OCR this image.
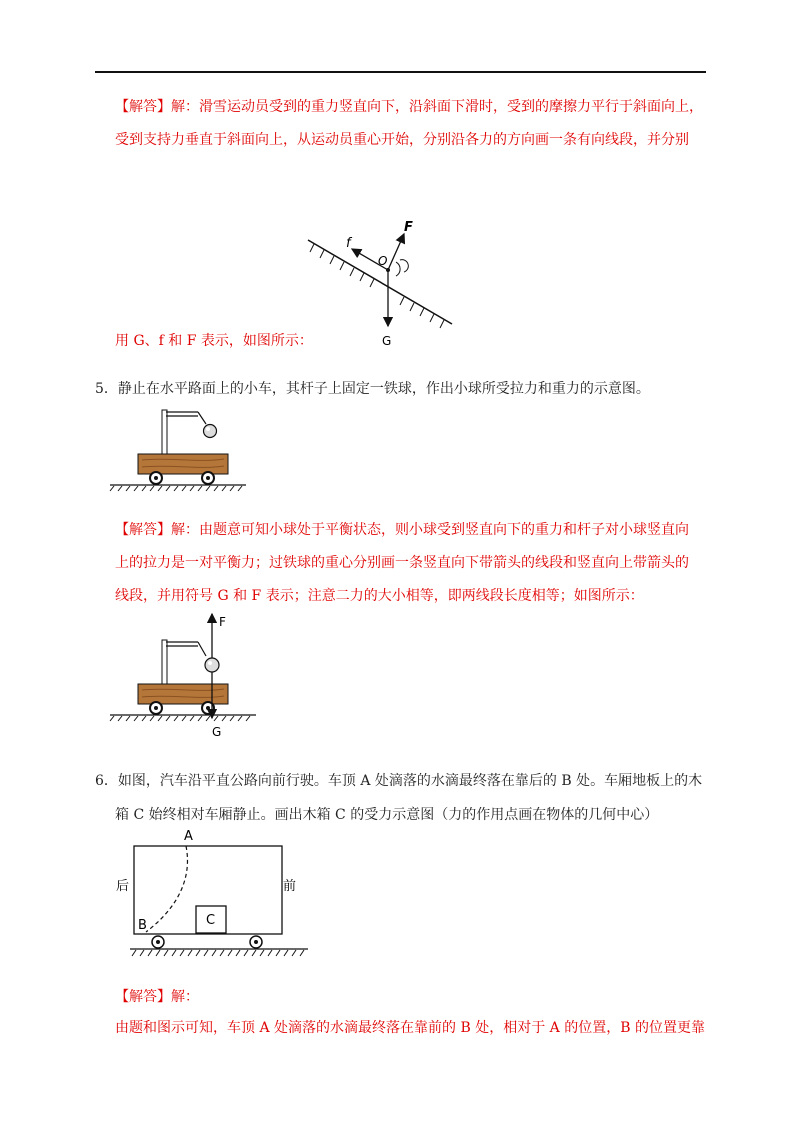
【解答】解：滑雪运动员受到的重力竖直向下，沿斜面下滑时，受到的摩擦力平行于斜面向上，
受到支持力垂直于斜面向上，从运动员重心开始，分别沿各力的方向画一条有向线段，并分别
用 G、f 和 F 表示，如图所示：
F
f
O
G
5．静止在水平路面上的小车，其杆子上固定一铁球，作出小球所受拉力和重力的示意图。
【解答】解：由题意可知小球处于平衡状态，则小球受到竖直向下的重力和杆子对小球竖直向
上的拉力是一对平衡力；过铁球的重心分别画一条竖直向下带箭头的线段和竖直向上带箭头的
线段，并用符号 G 和 F 表示；注意二力的大小相等，即两线段长度相等；如图所示：
F
G
6．如图，汽车沿平直公路向前行驶。车顶 A 处滴落的水滴最终落在靠后的 B 处。车厢地板上的木
箱 C 始终相对车厢静止。画出木箱 C 的受力示意图（力的作用点画在物体的几何中心）
C
A
B
后	前
【解答】解：
由题和图示可知，车顶 A 处滴落的水滴最终落在靠前的 B 处，相对于 A 的位置，B 的位置更靠
